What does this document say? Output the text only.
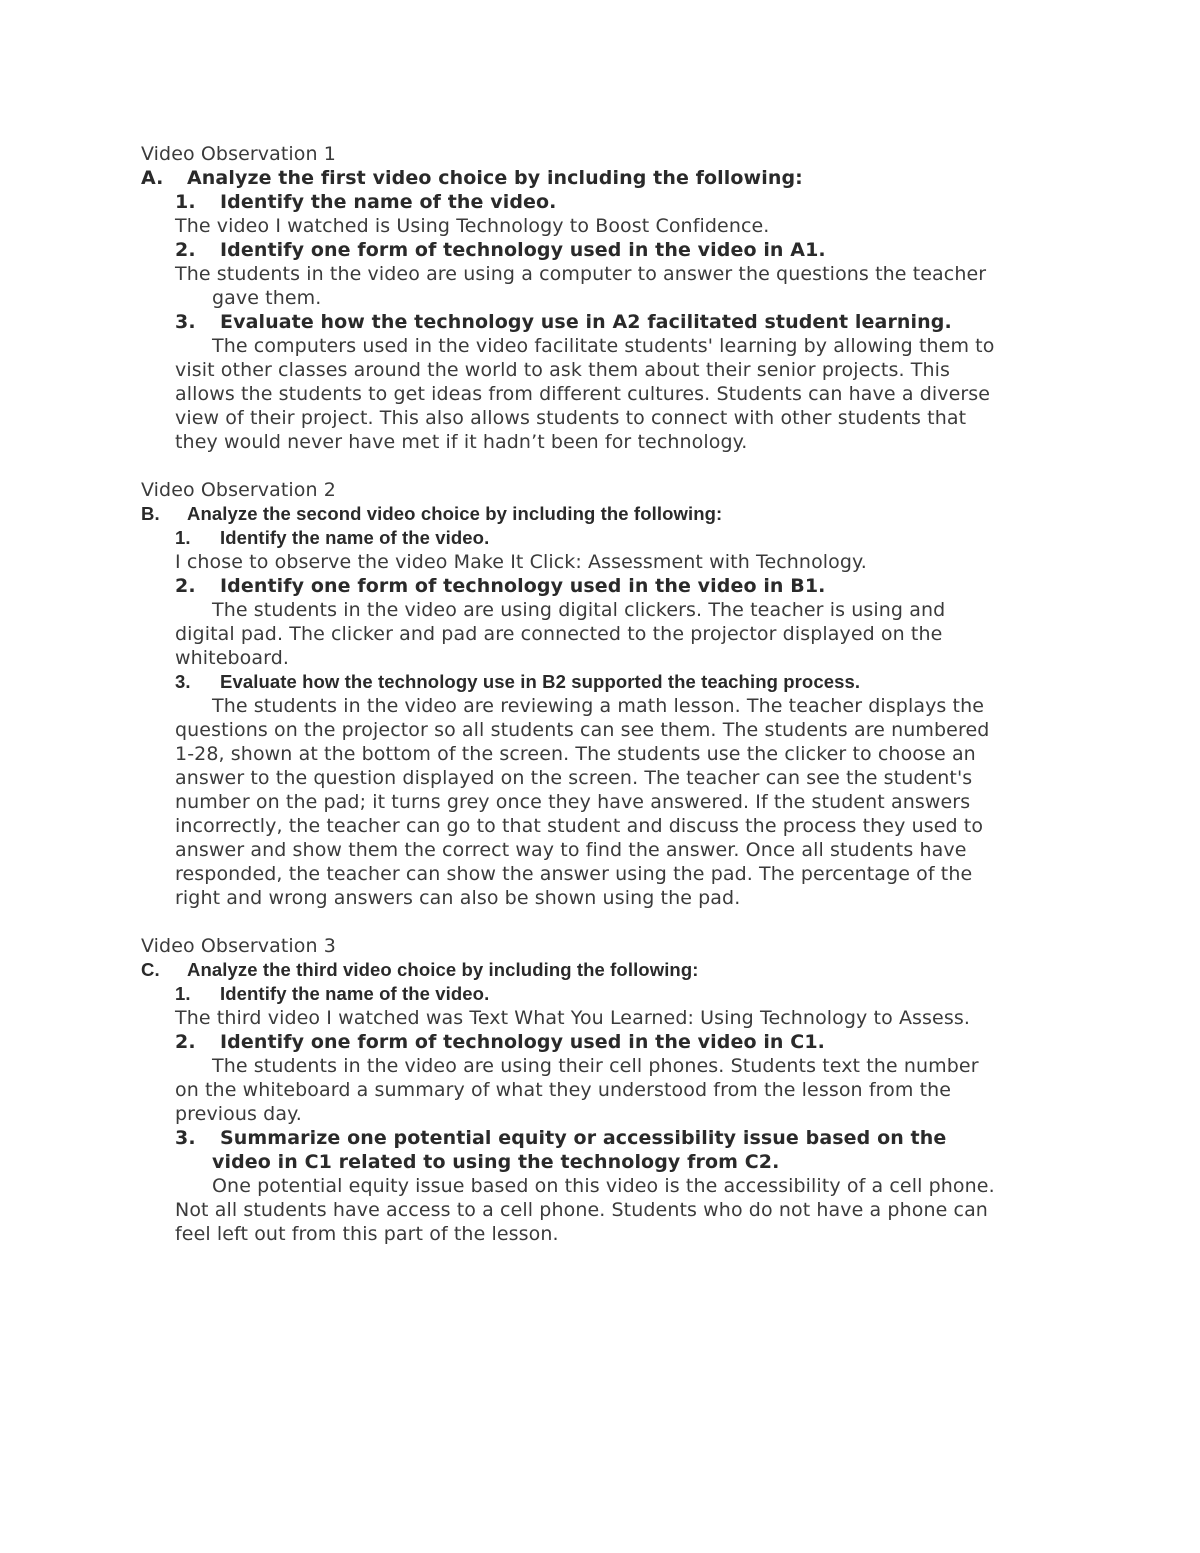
Video Observation 1
A. Analyze the first video choice by including the following:
1. Identify the name of the video.
The video I watched is Using Technology to Boost Confidence.
2. Identify one form of technology used in the video in A1.
The students in the video are using a computer to answer the questions the teacher
gave them.
3. Evaluate how the technology use in A2 facilitated student learning.
The computers used in the video facilitate students' learning by allowing them to
visit other classes around the world to ask them about their senior projects. This
allows the students to get ideas from different cultures. Students can have a diverse
view of their project. This also allows students to connect with other students that
they would never have met if it hadn’t been for technology.
Video Observation 2
B. Analyze the second video choice by including the following:
1. Identify the name of the video.
I chose to observe the video Make It Click: Assessment with Technology.
2. Identify one form of technology used in the video in B1.
The students in the video are using digital clickers. The teacher is using and
digital pad. The clicker and pad are connected to the projector displayed on the
whiteboard.
3. Evaluate how the technology use in B2 supported the teaching process.
The students in the video are reviewing a math lesson. The teacher displays the
questions on the projector so all students can see them. The students are numbered
1-28, shown at the bottom of the screen. The students use the clicker to choose an
answer to the question displayed on the screen. The teacher can see the student's
number on the pad; it turns grey once they have answered. If the student answers
incorrectly, the teacher can go to that student and discuss the process they used to
answer and show them the correct way to find the answer. Once all students have
responded, the teacher can show the answer using the pad. The percentage of the
right and wrong answers can also be shown using the pad.
Video Observation 3
C. Analyze the third video choice by including the following:
1. Identify the name of the video.
The third video I watched was Text What You Learned: Using Technology to Assess.
2. Identify one form of technology used in the video in C1.
The students in the video are using their cell phones. Students text the number
on the whiteboard a summary of what they understood from the lesson from the
previous day.
3. Summarize one potential equity or accessibility issue based on the
video in C1 related to using the technology from C2.
One potential equity issue based on this video is the accessibility of a cell phone.
Not all students have access to a cell phone. Students who do not have a phone can
feel left out from this part of the lesson.
